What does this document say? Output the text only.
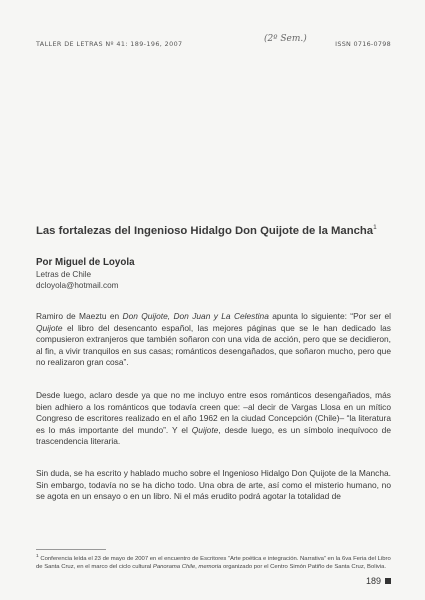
TALLER DE LETRAS Nº 41: 189-196, 2007	(2º Sem.)	ISSN 0716-0798
Las fortalezas del Ingenioso Hidalgo Don Quijote de la Mancha$^1$
Por Miguel de Loyola
Letras de Chile
dcloyola@hotmail.com

Ramiro de Maeztu en Don Quijote, Don Juan y La Celestina apunta lo siguiente: “Por ser el Quijote el libro del desencanto español, las mejores páginas que se le han dedicado las compusieron extranjeros que también soñaron con una vida de acción, pero que se decidieron, al fin, a vivir tranquilos en sus casas; románticos desengañados, que soñaron mucho, pero que no realizaron gran cosa”.

Desde luego, aclaro desde ya que no me incluyo entre esos románticos desengañados, más bien adhiero a los románticos que todavía creen que: –al decir de Vargas Llosa en un mítico Congreso de escritores realizado en el año 1962 en la ciudad Concepción (Chile)– “la literatura es lo más importante del mundo”. Y el Quijote, desde luego, es un símbolo inequívoco de trascendencia literaria.

Sin duda, se ha escrito y hablado mucho sobre el Ingenioso Hidalgo Don Quijote de la Mancha. Sin embargo, todavía no se ha dicho todo. Una obra de arte, así como el misterio humano, no se agota en un ensayo o en un libro. Ni el más erudito podrá agotar la totalidad de

$^1$ Conferencia leída el 23 de mayo de 2007 en el encuentro de Escritores “Arte poética e integración. Narrativa” en la 6va Feria del Libro de Santa Cruz, en el marco del ciclo cultural Panorama Chile, memoria organizado por el Centro Simón Patiño de Santa Cruz, Bolivia.
189
